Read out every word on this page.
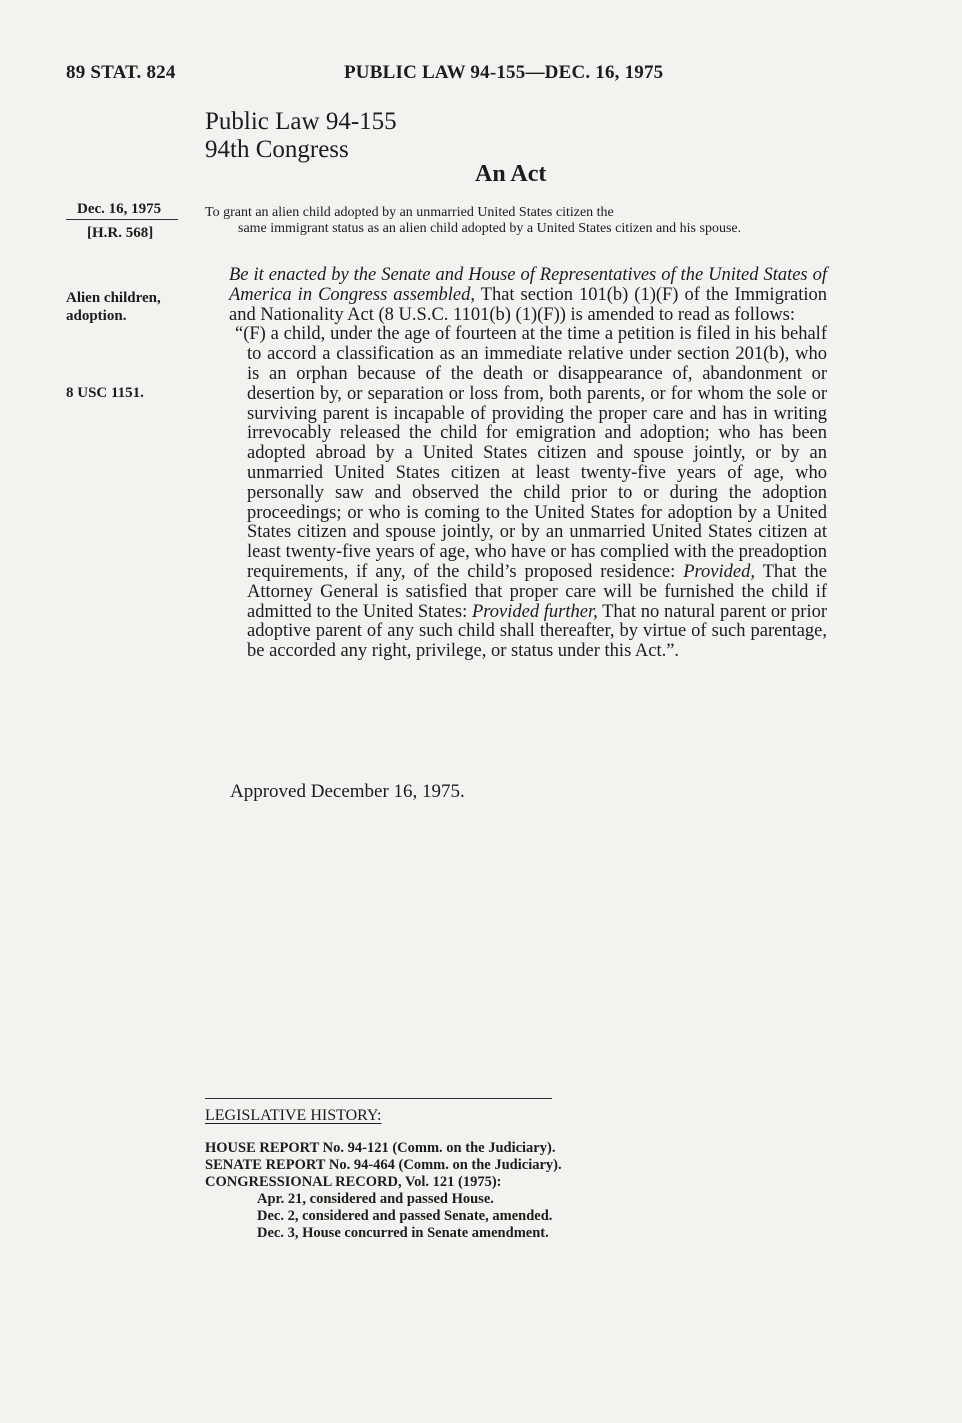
89 STAT. 824	PUBLIC LAW 94-155—DEC. 16, 1975
Public Law 94-155
94th Congress
An Act
Dec. 16, 1975
[H.R. 568]
Alien children,
adoption.
8 USC 1151.
To grant an alien child adopted by an unmarried United States citizen the
same immigrant status as an alien child adopted by a United States citizen and his spouse.

Be it enacted by the Senate and House of Representatives of the United States of America in Congress assembled, That section 101(b) (1)(F) of the Immigration and Nationality Act (8 U.S.C. 1101(b) (1)(F)) is amended to read as follows:

“(F) a child, under the age of fourteen at the time a petition is filed in his behalf to accord a classification as an immediate relative under section 201(b), who is an orphan because of the death or disappearance of, abandonment or desertion by, or separation or loss from, both parents, or for whom the sole or surviving parent is incapable of providing the proper care and has in writing irrevocably released the child for emigration and adoption; who has been adopted abroad by a United States citizen and spouse jointly, or by an unmarried United States citizen at least twenty-five years of age, who personally saw and observed the child prior to or during the adoption proceedings; or who is coming to the United States for adoption by a United States citizen and spouse jointly, or by an unmarried United States citizen at least twenty-five years of age, who have or has complied with the preadoption requirements, if any, of the child’s proposed residence: Provided, That the Attorney General is satisfied that proper care will be furnished the child if admitted to the United States: Provided further, That no natural parent or prior adoptive parent of any such child shall thereafter, by virtue of such parentage, be accorded any right, privilege, or status under this Act.”.

Approved December 16, 1975.
LEGISLATIVE HISTORY:
HOUSE REPORT No. 94-121 (Comm. on the Judiciary).
SENATE REPORT No. 94-464 (Comm. on the Judiciary).
CONGRESSIONAL RECORD, Vol. 121 (1975):
Apr. 21, considered and passed House.
Dec. 2, considered and passed Senate, amended.
Dec. 3, House concurred in Senate amendment.
